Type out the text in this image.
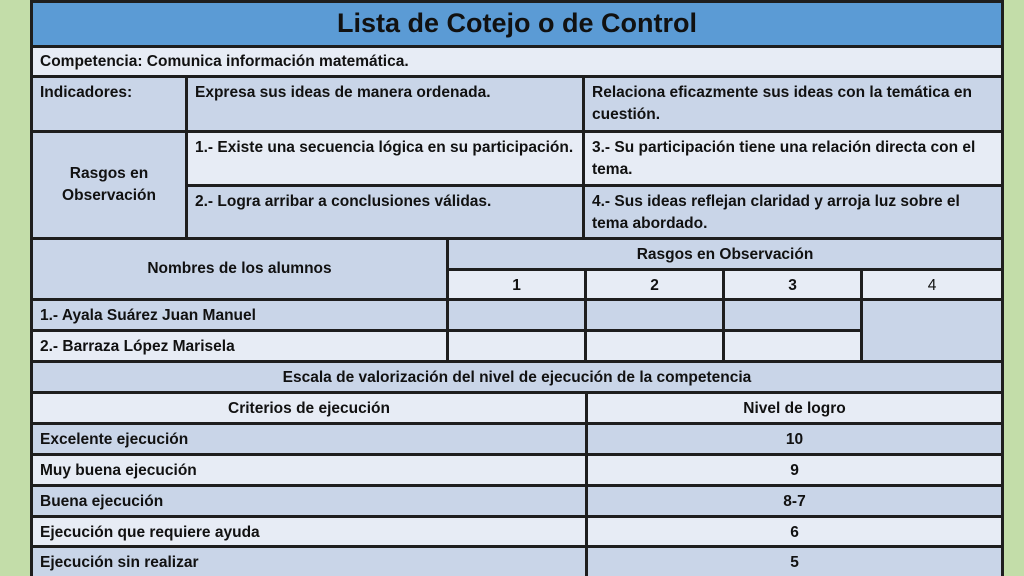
Lista de Cotejo o de Control
Competencia: Comunica información matemática.
Indicadores:	Expresa sus ideas de manera ordenada.	Relaciona eficazmente sus ideas con la temática en cuestión.
Rasgos en Observación
1.- Existe una secuencia lógica en su participación.	3.- Su participación tiene una relación directa con el tema.
2.- Logra arribar a conclusiones válidas.	4.- Sus ideas reflejan claridad y arroja luz sobre el tema abordado.
Nombres de los alumnos
Rasgos en Observación
1	2	3	4
1.- Ayala Suárez Juan Manuel
2.- Barraza López Marisela
Escala de valorización del nivel de ejecución de la competencia
Criterios de ejecución	Nivel de logro
Excelente ejecución	10
Muy buena ejecución	9
Buena ejecución	8-7
Ejecución que requiere ayuda	6
Ejecución sin realizar	5
